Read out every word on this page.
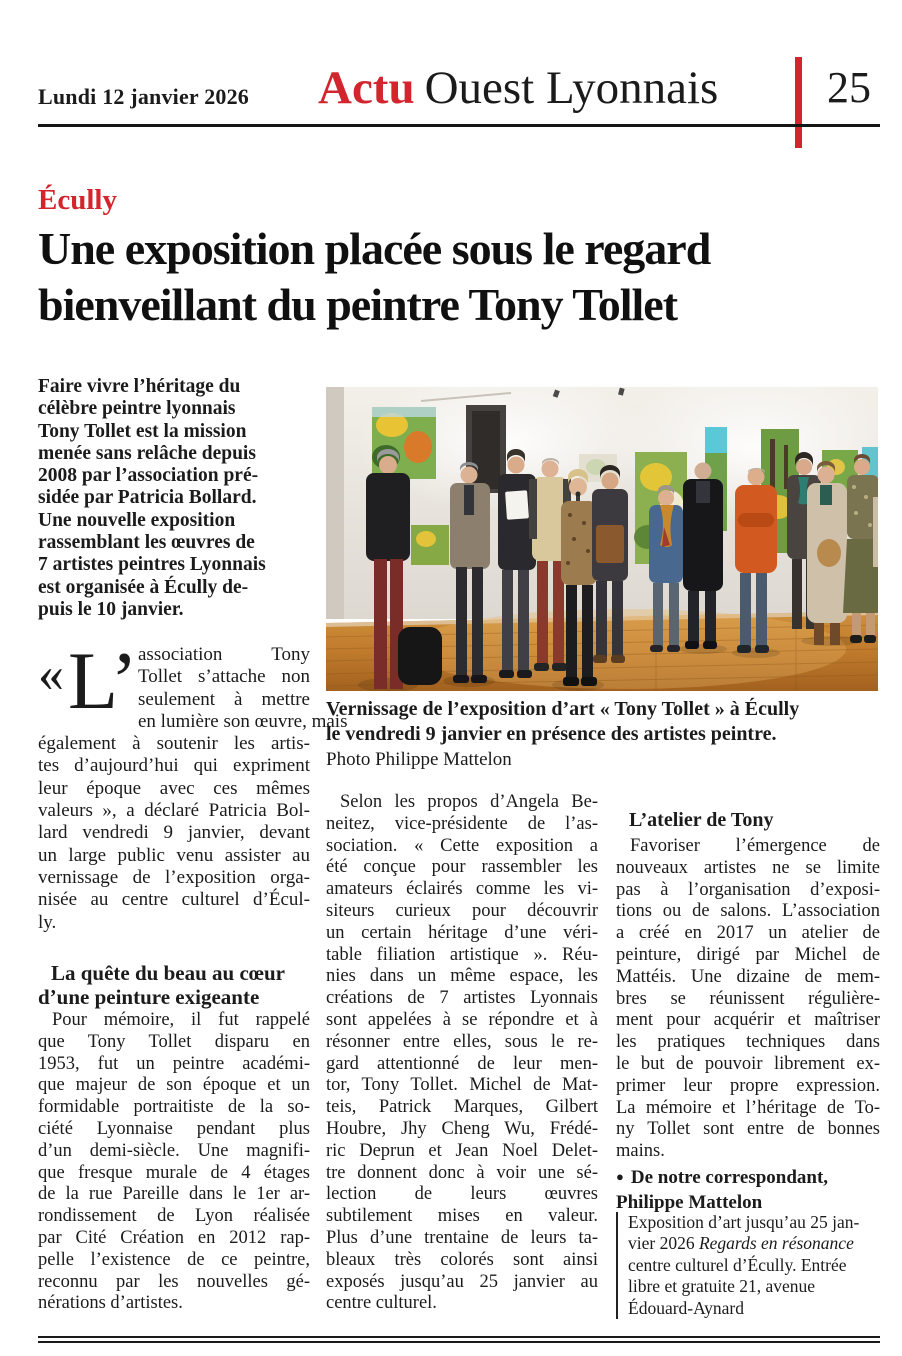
Lundi 12 janvier 2026 Actu Ouest Lyonnais 25
Écully
Une exposition placée sous le regard
bienveillant du peintre Tony Tollet
Faire vivre l’héritage du
célèbre peintre lyonnais
Tony Tollet est la mission
menée sans relâche depuis
2008 par l’association pré-
sidée par Patricia Bollard.
Une nouvelle exposition
rassemblant les œuvres de
7 artistes peintres Lyonnais
est organisée à Écully de-
puis le 10 janvier.
« L’ association Tony
Tollet s’attache non
seulement à mettre
en lumière son œuvre, mais
également à soutenir les artis-
tes d’aujourd’hui qui expriment
leur époque avec ces mêmes
valeurs », a déclaré Patricia Bol-
lard vendredi 9 janvier, devant
un large public venu assister au
vernissage de l’exposition orga-
nisée au centre culturel d’Écul-
ly.
La quête du beau au cœur
d’une peinture exigeante
Pour mémoire, il fut rappelé
que Tony Tollet disparu en
1953, fut un peintre académi-
que majeur de son époque et un
formidable portraitiste de la so-
ciété Lyonnaise pendant plus
d’un demi-siècle. Une magnifi-
que fresque murale de 4 étages
de la rue Pareille dans le 1er ar-
rondissement de Lyon réalisée
par Cité Création en 2012 rap-
pelle l’existence de ce peintre,
reconnu par les nouvelles gé-
nérations d’artistes.
Vernissage de l’exposition d’art « Tony Tollet » à Écully
le vendredi 9 janvier en présence des artistes peintre.
Photo Philippe Mattelon
Selon les propos d’Angela Be-
neitez, vice-présidente de l’as-
sociation. « Cette exposition a
été conçue pour rassembler les
amateurs éclairés comme les vi-
siteurs curieux pour découvrir
un certain héritage d’une véri-
table filiation artistique ». Réu-
nies dans un même espace, les
créations de 7 artistes Lyonnais
sont appelées à se répondre et à
résonner entre elles, sous le re-
gard attentionné de leur men-
tor, Tony Tollet. Michel de Mat-
teis, Patrick Marques, Gilbert
Houbre, Jhy Cheng Wu, Frédé-
ric Deprun et Jean Noel Delet-
tre donnent donc à voir une sé-
lection de leurs œuvres
subtilement mises en valeur.
Plus d’une trentaine de leurs ta-
bleaux très colorés sont ainsi
exposés jusqu’au 25 janvier au
centre culturel.
L’atelier de Tony
Favoriser l’émergence de
nouveaux artistes ne se limite
pas à l’organisation d’exposi-
tions ou de salons. L’association
a créé en 2017 un atelier de
peinture, dirigé par Michel de
Mattéis. Une dizaine de mem-
bres se réunissent régulière-
ment pour acquérir et maîtriser
les pratiques techniques dans
le but de pouvoir librement ex-
primer leur propre expression.
La mémoire et l’héritage de To-
ny Tollet sont entre de bonnes
mains.
● De notre correspondant,
Philippe Mattelon
Exposition d’art jusqu’au 25 jan-
vier 2026 Regards en résonance
centre culturel d’Écully. Entrée
libre et gratuite 21, avenue
Édouard-Aynard
